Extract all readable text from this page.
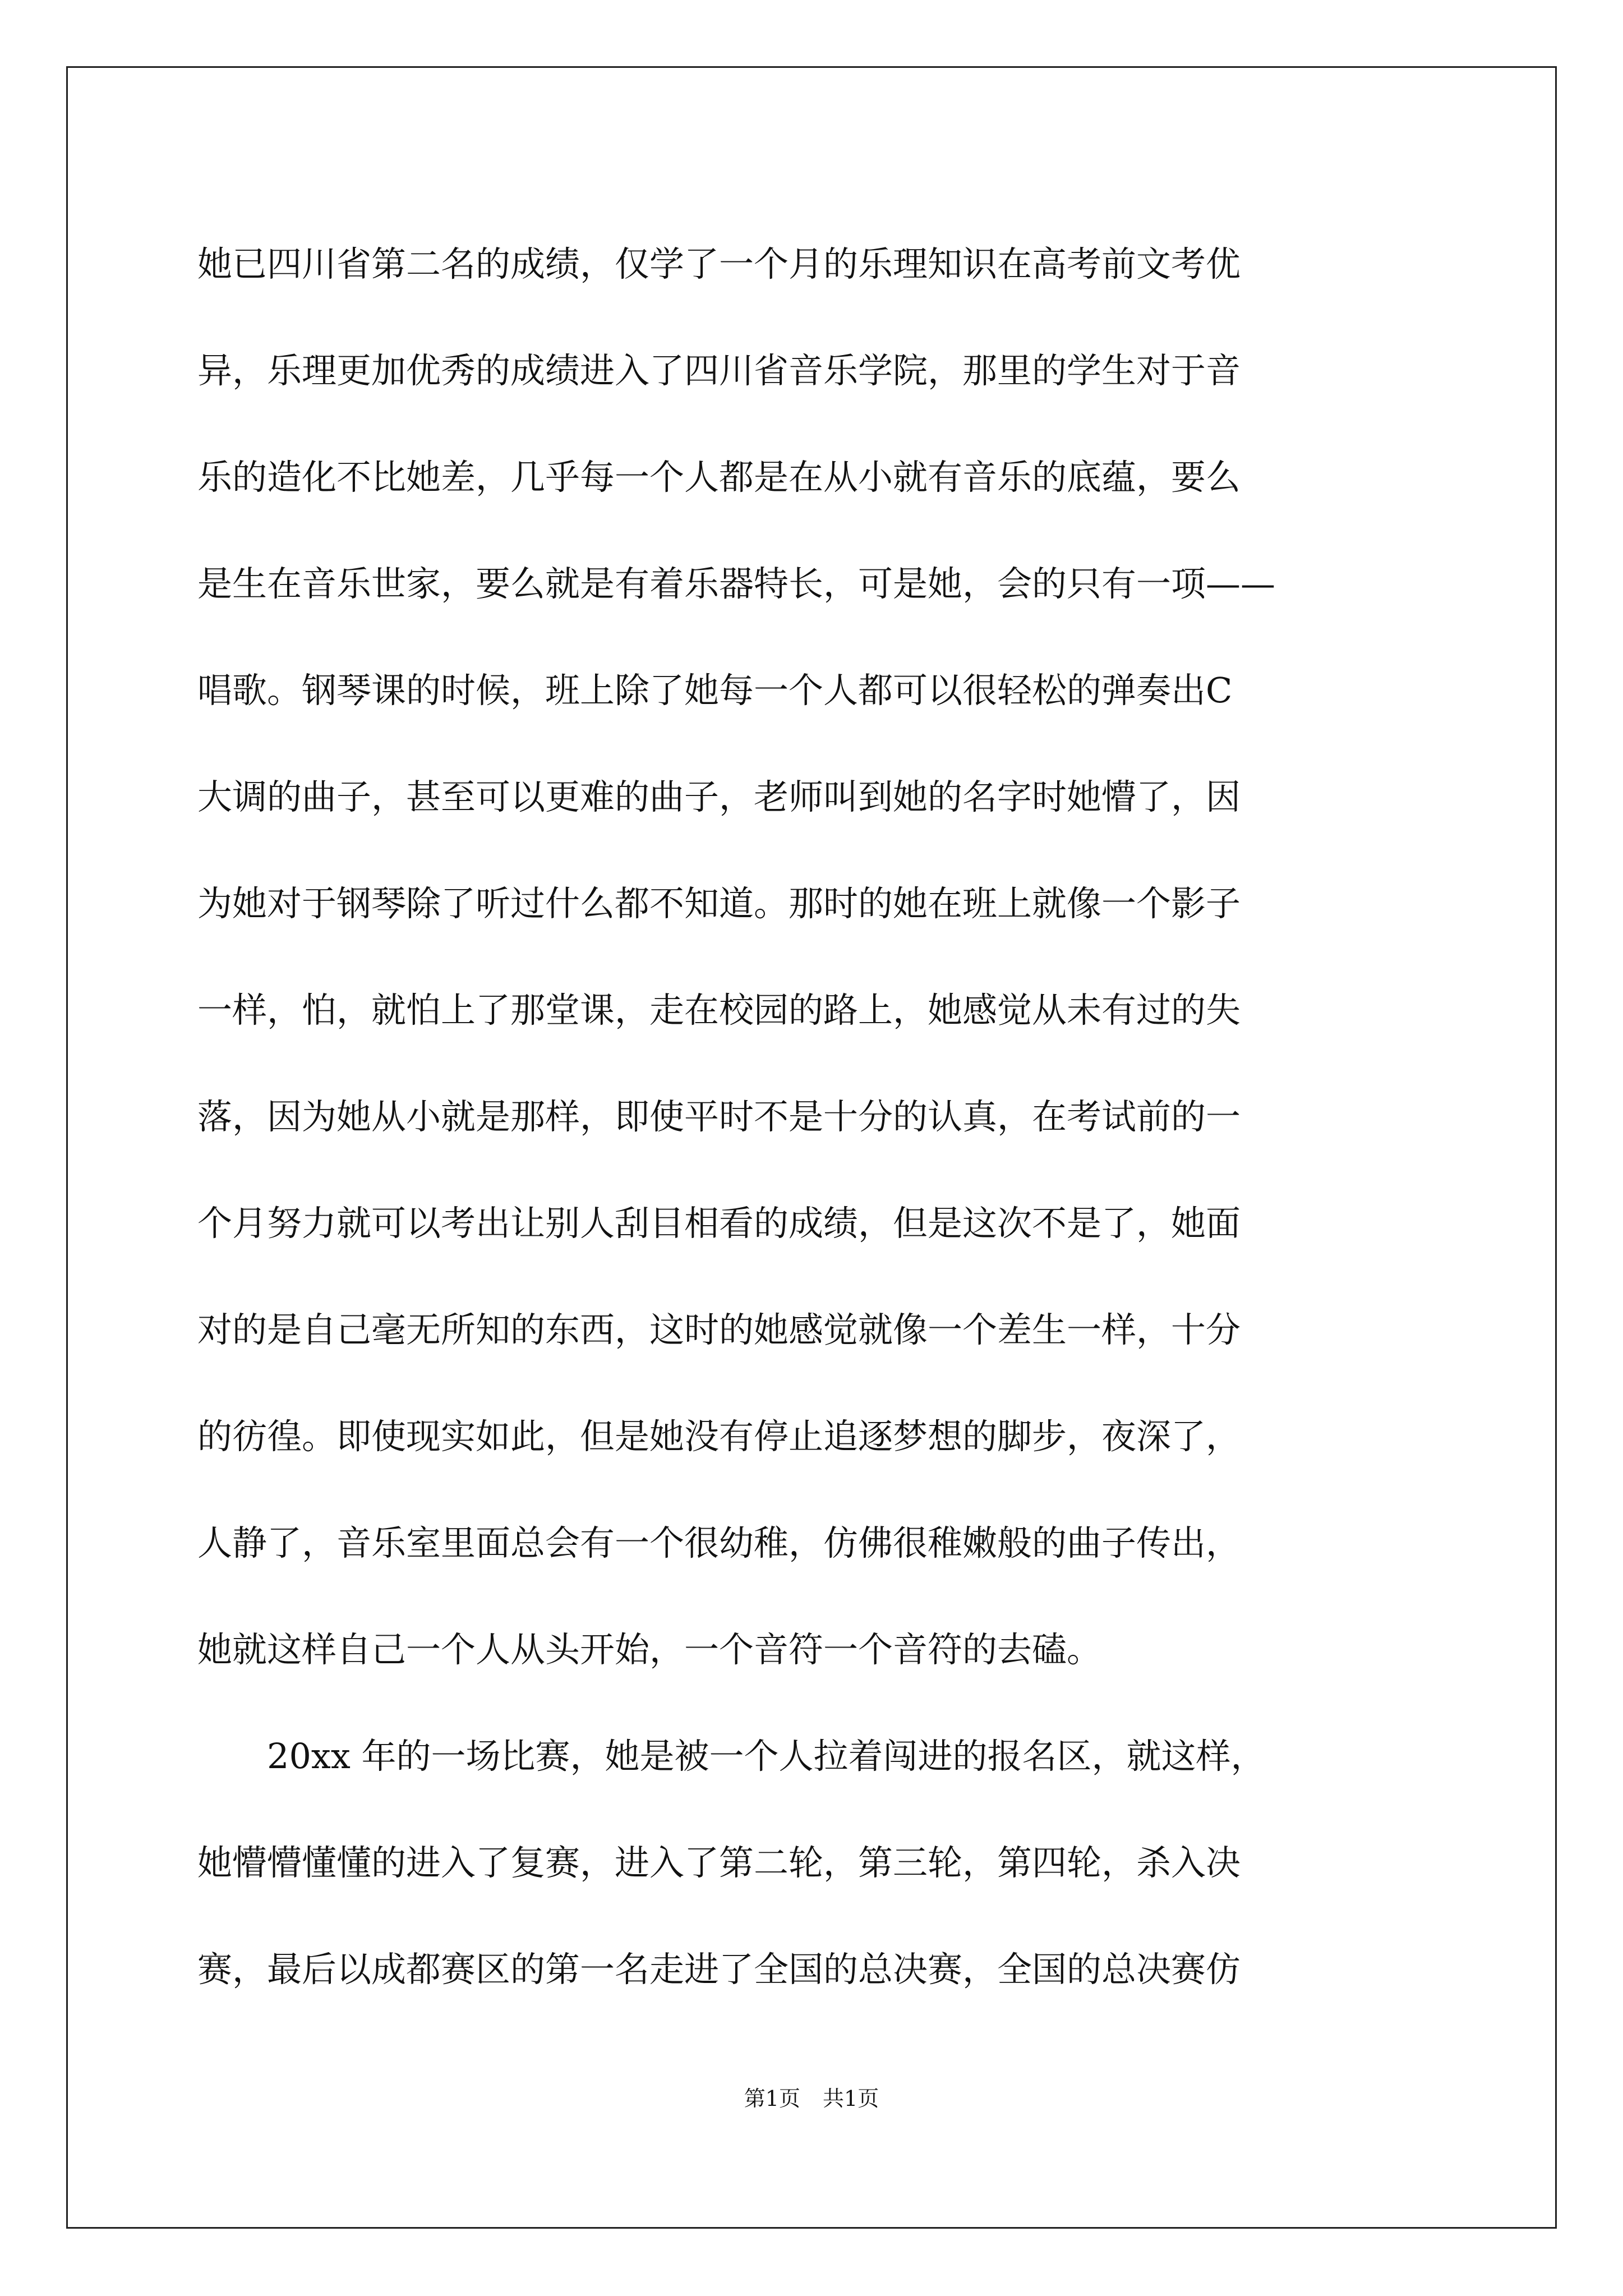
她已四川省第二名的成绩，仅学了一个月的乐理知识在高考前文考优
异，乐理更加优秀的成绩进入了四川省音乐学院，那里的学生对于音
乐的造化不比她差，几乎每一个人都是在从小就有音乐的底蕴，要么
是生在音乐世家，要么就是有着乐器特长，可是她，会的只有一项——
唱歌。钢琴课的时候，班上除了她每一个人都可以很轻松的弹奏出C
大调的曲子，甚至可以更难的曲子，老师叫到她的名字时她懵了，因
为她对于钢琴除了听过什么都不知道。那时的她在班上就像一个影子
一样，怕，就怕上了那堂课，走在校园的路上，她感觉从未有过的失
落，因为她从小就是那样，即使平时不是十分的认真，在考试前的一
个月努力就可以考出让别人刮目相看的成绩，但是这次不是了，她面
对的是自己毫无所知的东西，这时的她感觉就像一个差生一样，十分
的彷徨。即使现实如此，但是她没有停止追逐梦想的脚步，夜深了，
人静了，音乐室里面总会有一个很幼稚，仿佛很稚嫩般的曲子传出，
她就这样自己一个人从头开始，一个音符一个音符的去磕。
　　20xx 年的一场比赛，她是被一个人拉着闯进的报名区，就这样，
她懵懵懂懂的进入了复赛，进入了第二轮，第三轮，第四轮，杀入决
赛，最后以成都赛区的第一名走进了全国的总决赛，全国的总决赛仿
第1页 共1页
